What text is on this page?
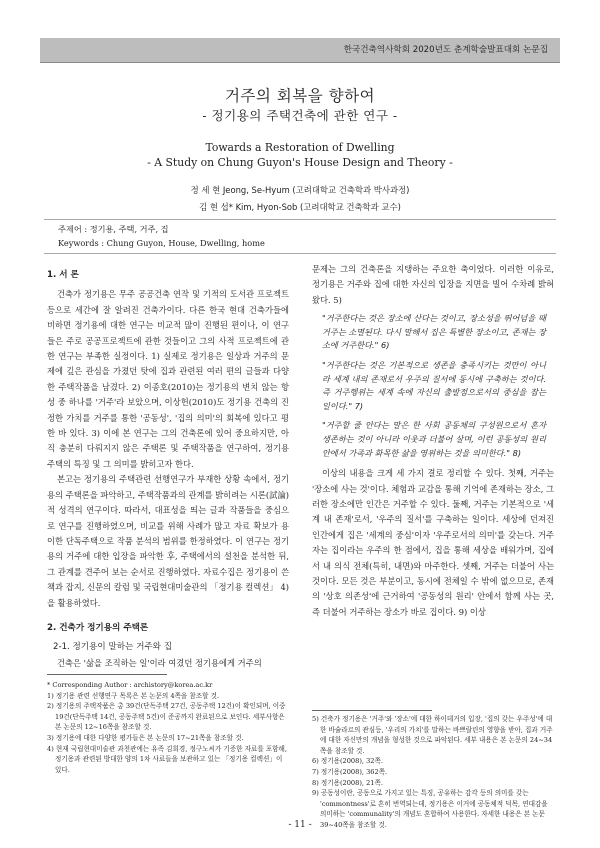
한국건축역사학회 2020년도 춘계학술발표대회 논문집
거주의 회복을 향하여
- 정기용의 주택건축에 관한 연구 -
Towards a Restoration of Dwelling
- A Study on Chung Guyon's House Design and Theory -
정 세 현 Jeong, Se-Hyum (고려대학교 건축학과 박사과정)
김 현 섭* Kim, Hyon-Sob (고려대학교 건축학과 교수)
주제어 : 정기용, 주택, 거주, 집
Keywords : Chung Guyon, House, Dwelling, home
1. 서 론

건축가 정기용은 무주 공공건축 연작 및 기적의 도서관 프로젝트 등으로 세간에 잘 알려진 건축가이다. 다른 한국 현대 건축가들에 비하면 정기용에 대한 연구는 비교적 많이 진행된 편이나, 이 연구들은 주로 공공프로젝트에 관한 것들이고 그의 사적 프로젝트에 관한 연구는 부족한 실정이다. 1) 실제로 정기용은 일상과 거주의 문제에 깊은 관심을 가졌던 탓에 집과 관련된 여러 편의 글들과 다양한 주택작품을 남겼다. 2) 이종호(2010)는 정기용의 변치 않는 항성 중 하나를 '거주'라 보았으며, 이상헌(2010)도 정기용 건축의 진정한 가치를 거주를 통한 '공동성', '집의 의미'의 회복에 있다고 평한 바 있다. 3) 이에 본 연구는 그의 건축론에 있어 중요하지만, 아직 충분히 다뤄지지 않은 주택론 및 주택작품을 연구하여, 정기용 주택의 특징 및 그 의미를 밝히고자 한다.

본고는 정기용의 주택관련 선행연구가 부재한 상황 속에서, 정기용의 주택론을 파악하고, 주택작품과의 관계를 밝히려는 시론(試論)적 성격의 연구이다. 따라서, 대표성을 띄는 글과 작품들을 중심으로 연구를 진행하였으며, 비교를 위해 사례가 많고 자료 확보가 용이한 단독주택으로 작품 분석의 범위를 한정하였다. 이 연구는 정기용의 거주에 대한 입장을 파악한 후, 주택에서의 설천을 분석한 뒤, 그 관계를 견주어 보는 순서로 진행하였다. 자료수집은 정기용이 쓴 책과 잡지, 신문의 칼럼 및 국립현대미술관의 「정기용 컬렉션」 4)을 활용하였다.

2. 건축가 정기용의 주택론
2-1. 정기용이 말하는 거주와 집

건축은 '삶을 조직하는 일'이라 여겼던 정기용에게 거주의

* Corresponding Author : archistory@korea.ac.kr
1) 정기용 관련 선행연구 목록은 본 논문의 4쪽을 참조할 것.
2) 정기용의 주택작품은 총 39건(단독주택 27건, 공동주택 12건)이 확인되며, 이중 19건(단독주택 14건, 공동주택 5건)이 준공까지 완료된으로 보인다. 세부사항은 본 논문의 12~16쪽을 참조할 것.
3) 정기용에 대한 다양한 평가들은 본 논문의 17~21쪽을 참조할 것.
4) 현재 국립현대미술관 과천관에는 유족 김희경, 정구노씨가 기증한 자료를 포함해, 정기용과 관련된 방대한 양의 1차 사료들을 보관하고 있는 「정기용 컬렉션」이 있다.

문제는 그의 건축론을 지탱하는 주요한 축이었다. 이러한 이유로, 정기용은 거주와 집에 대한 자신의 입장을 지면을 빌어 수차례 밝혀왔다. 5)

"거주한다는 것은 장소에 산다는 것이고, 장소성을 뛰어넘을 때 거주는 소멸된다. 다시 말해서 집은 특별한 장소이고, 존재는 장소에 거주한다." 6)
"거주한다는 것은 기본적으로 생존을 충족시키는 것만이 아니라 세계 내의 존재로서 우주의 질서에 동시에 구축하는 것이다. 즉 거주행위는 세계 속에 자신의 출발점으로서의 중심을 잡는 일이다." 7)
"거주할 줄 안다는 말은 한 사회 공동체의 구성원으로서 혼자 생존하는 것이 아니라 이웃과 더불어 살며, 이런 공동성의 원리 안에서 가족과 화목한 삶을 영위하는 것을 의미한다." 8)

이상의 내용을 크게 세 가지 결로 정리할 수 있다. 첫째, 거주는 '장소에 사는 것'이다. 체험과 교감을 통해 기억에 존재하는 장소, 그러한 장소에만 인간은 거주할 수 있다. 둘째, 거주는 기본적으로 '세계 내 존재'로서, '우주의 질서'를 구축하는 일이다. 세상에 던져진 인간에게 집은 '세계의 중심'이자 '우주로서의 의미'를 갖는다. 거주자는 집이라는 우주의 한 점에서, 집을 통해 세상을 배워가며, 집에서 내 의식 전체(특히, 내면)와 마주한다. 셋째, 거주는 더불어 사는 것이다. 모든 것은 부분이고, 동시에 전체일 수 밖에 없으므로, 존재의 '상호 의존성'에 근거하여 '공동성의 원리' 안에서 함께 사는 곳, 즉 더불어 거주하는 장소가 바로 집이다. 9) 이상

5) 건축가 정기용은 '거주'와 '장소'에 대한 하이데거의 입장, '집의 갖는 우주성'에 대한 바슐라르의 관심등, '우리의 가치'를 말하는 바쁘랄린의 영향을 받아, 집과 거주에 대한 자신만의 개념을 형성한 것으로 파악된다. 세부 내용은 본 논문의 24~34쪽을 참조할 것.
6) 정기용(2008), 32쪽.
7) 정기용(2008), 362쪽.
8) 정기용(2008), 21쪽.
9) 공동성이란, 공동으로 가지고 있는 특징, 공유하는 감각 등의 의미를 갖는 'commontness'로 흔히 번역되는데, 정기용은 이거에 공동체적 덕목, 연대감을 의미하는 'communality'의 개념도 혼합하여 사용한다. 자세한 내용은 본 논문 39~40쪽을 참조할 것.
- 11 -
